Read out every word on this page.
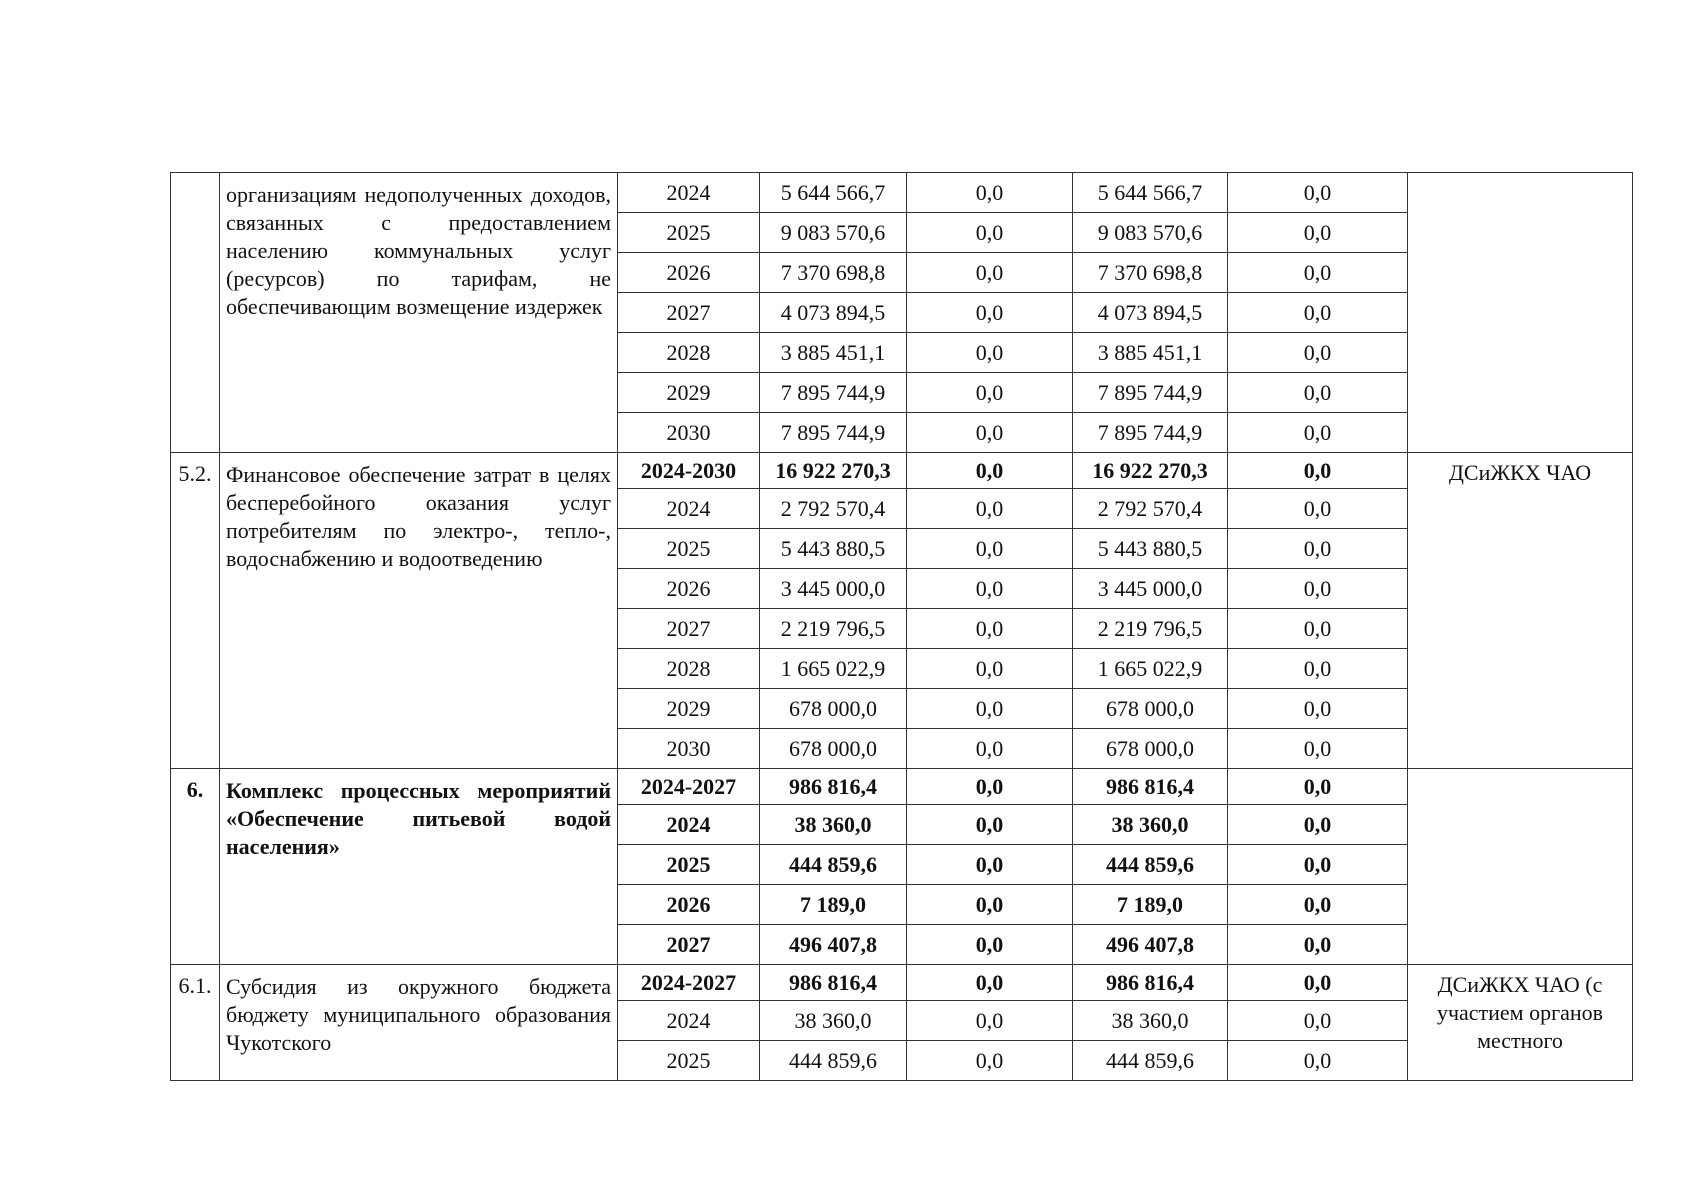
	организациям недополученных доходов, связанных с предоставлением населению коммунальных услуг (ресурсов) по тарифам, не обеспечивающим возмещение издержек	2024	5 644 566,7	0,0	5 644 566,7	0,0	
		2025	9 083 570,6	0,0	9 083 570,6	0,0	
		2026	7 370 698,8	0,0	7 370 698,8	0,0	
		2027	4 073 894,5	0,0	4 073 894,5	0,0	
		2028	3 885 451,1	0,0	3 885 451,1	0,0	
		2029	7 895 744,9	0,0	7 895 744,9	0,0	
		2030	7 895 744,9	0,0	7 895 744,9	0,0	
5.2.	Финансовое обеспечение затрат в целях бесперебойного оказания услуг потребителям по электро-, тепло-, водоснабжению и водоотведению	2024-2030	16 922 270,3	0,0	16 922 270,3	0,0	ДСиЖКХ ЧАО
		2024	2 792 570,4	0,0	2 792 570,4	0,0	
		2025	5 443 880,5	0,0	5 443 880,5	0,0	
		2026	3 445 000,0	0,0	3 445 000,0	0,0	
		2027	2 219 796,5	0,0	2 219 796,5	0,0	
		2028	1 665 022,9	0,0	1 665 022,9	0,0	
		2029	678 000,0	0,0	678 000,0	0,0	
		2030	678 000,0	0,0	678 000,0	0,0	
6.	Комплекс процессных мероприятий «Обеспечение питьевой водой населения»	2024-2027	986 816,4	0,0	986 816,4	0,0	
		2024	38 360,0	0,0	38 360,0	0,0	
		2025	444 859,6	0,0	444 859,6	0,0	
		2026	7 189,0	0,0	7 189,0	0,0	
		2027	496 407,8	0,0	496 407,8	0,0	
6.1.	Субсидия из окружного бюджета бюджету муниципального образования Чукотского	2024-2027	986 816,4	0,0	986 816,4	0,0	ДСиЖКХ ЧАО (с участием органов местного
		2024	38 360,0	0,0	38 360,0	0,0	
		2025	444 859,6	0,0	444 859,6	0,0	
